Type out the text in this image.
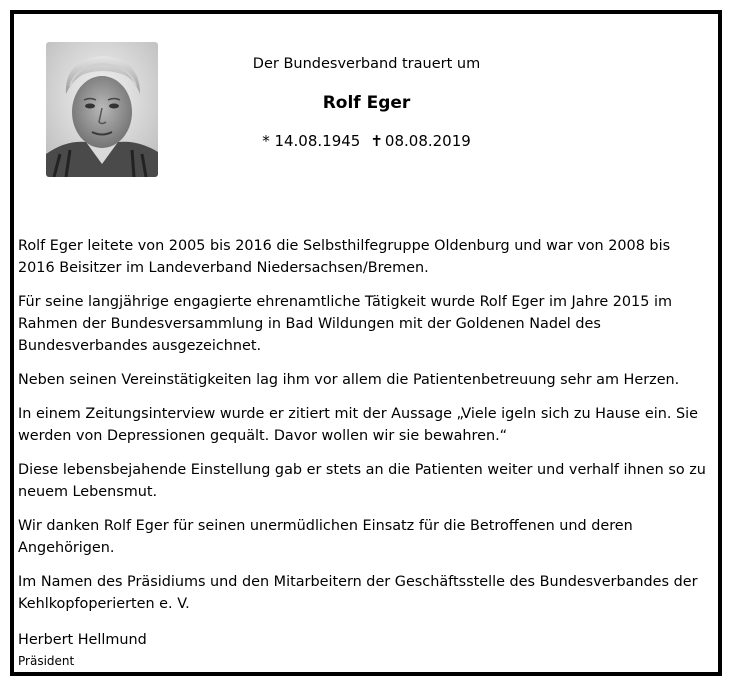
Der Bundesverband trauert um
Rolf Eger
* 14.08.1945 ✝ 08.08.2019

Rolf Eger leitete von 2005 bis 2016 die Selbsthilfegruppe Oldenburg und war von 2008 bis 2016 Beisitzer im Landeverband Niedersachsen/Bremen.

Für seine langjährige engagierte ehrenamtliche Tätigkeit wurde Rolf Eger im Jahre 2015 im Rahmen der Bundesversammlung in Bad Wildungen mit der Goldenen Nadel des Bundesverbandes ausgezeichnet.

Neben seinen Vereinstätigkeiten lag ihm vor allem die Patientenbetreuung sehr am Herzen.

In einem Zeitungsinterview wurde er zitiert mit der Aussage „Viele igeln sich zu Hause ein. Sie werden von Depressionen gequält. Davor wollen wir sie bewahren.“

Diese lebensbejahende Einstellung gab er stets an die Patienten weiter und verhalf ihnen so zu neuem Lebensmut.

Wir danken Rolf Eger für seinen unermüdlichen Einsatz für die Betroffenen und deren Angehörigen.

Im Namen des Präsidiums und den Mitarbeitern der Geschäftsstelle des Bundesverbandes der Kehlkopfoperierten e. V.

Herbert Hellmund
Präsident
